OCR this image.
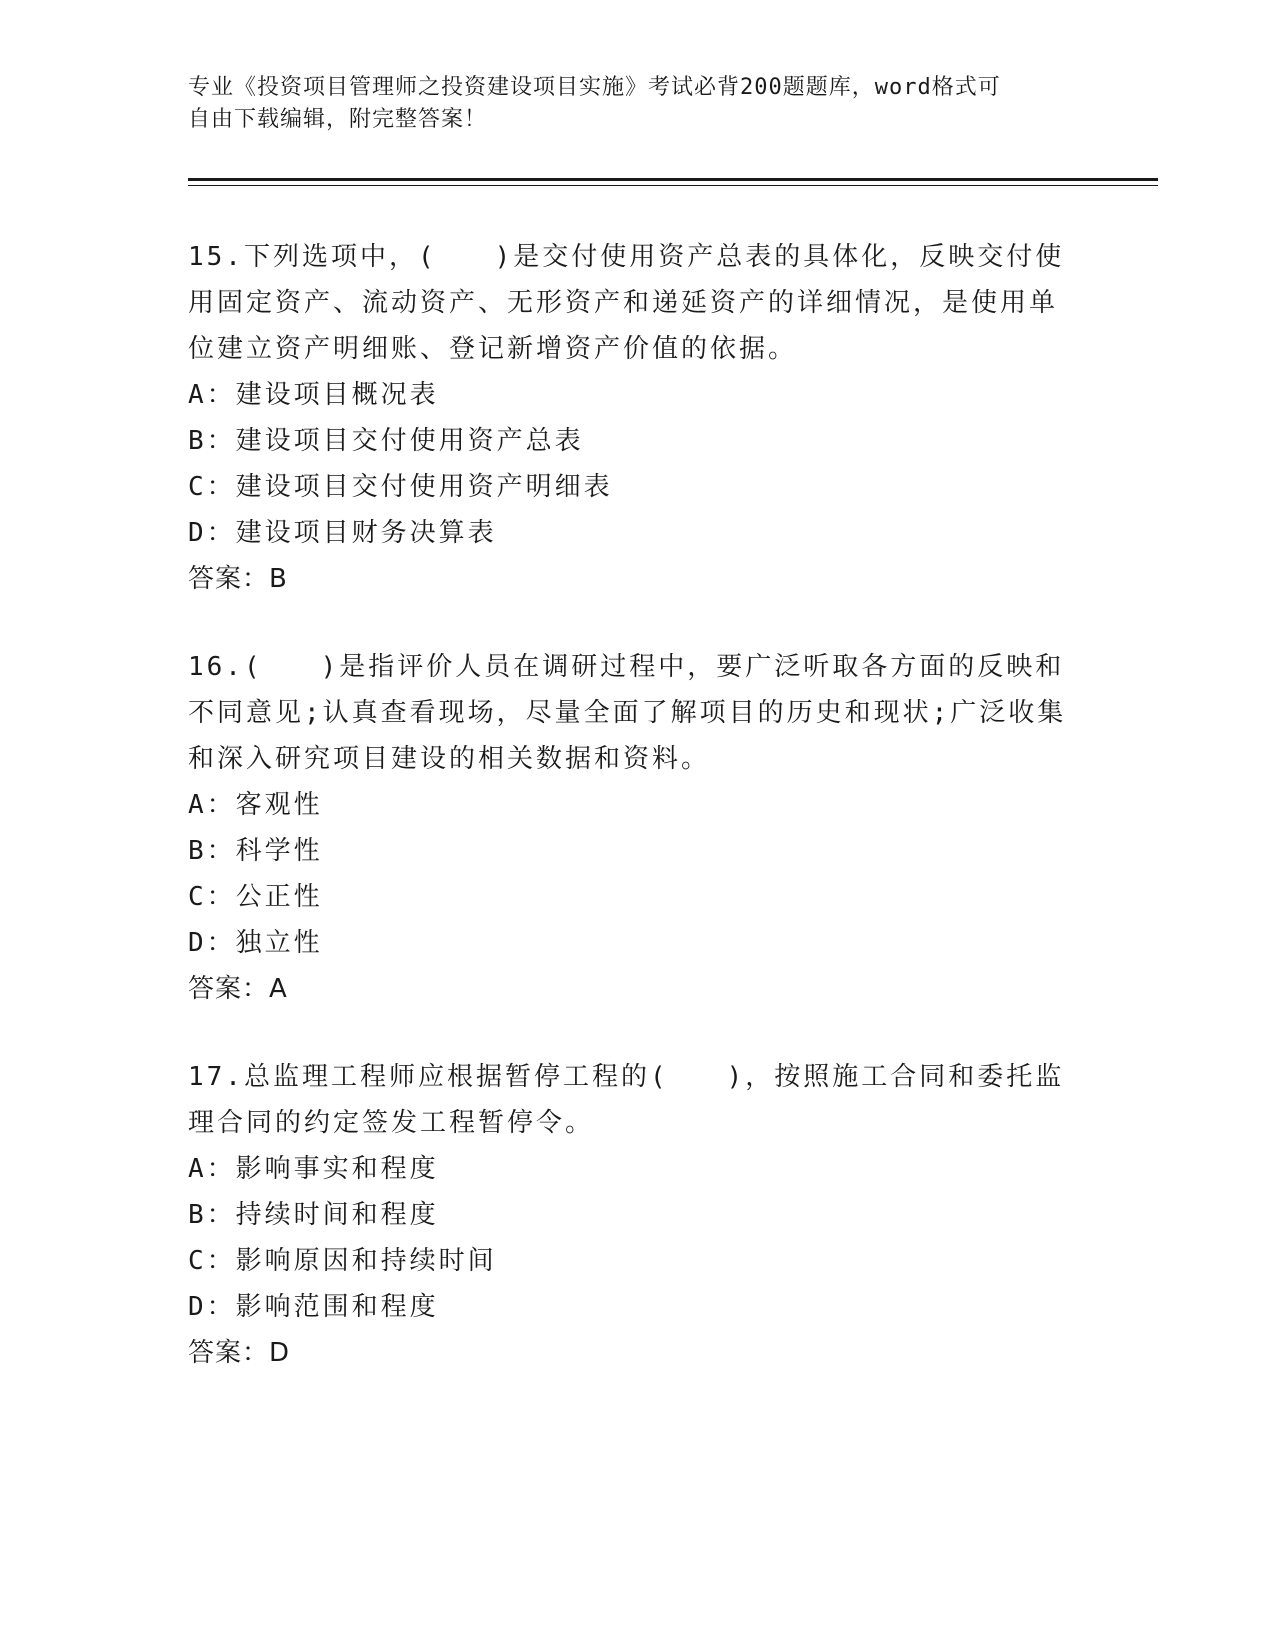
专业《投资项目管理师之投资建设项目实施》考试必背200题题库，word格式可
自由下载编辑，附完整答案！

15.下列选项中，(　　)是交付使用资产总表的具体化，反映交付使用固定资产、流动资产、无形资产和递延资产的详细情况，是使用单位建立资产明细账、登记新增资产价值的依据。

A：建设项目概况表

B：建设项目交付使用资产总表

C：建设项目交付使用资产明细表

D：建设项目财务决算表

答案：B

16.(　　)是指评价人员在调研过程中，要广泛听取各方面的反映和不同意见;认真查看现场，尽量全面了解项目的历史和现状;广泛收集和深入研究项目建设的相关数据和资料。

A：客观性

B：科学性

C：公正性

D：独立性

答案：A

17.总监理工程师应根据暂停工程的(　　)，按照施工合同和委托监理合同的约定签发工程暂停令。

A：影响事实和程度

B：持续时间和程度

C：影响原因和持续时间

D：影响范围和程度

答案：D
